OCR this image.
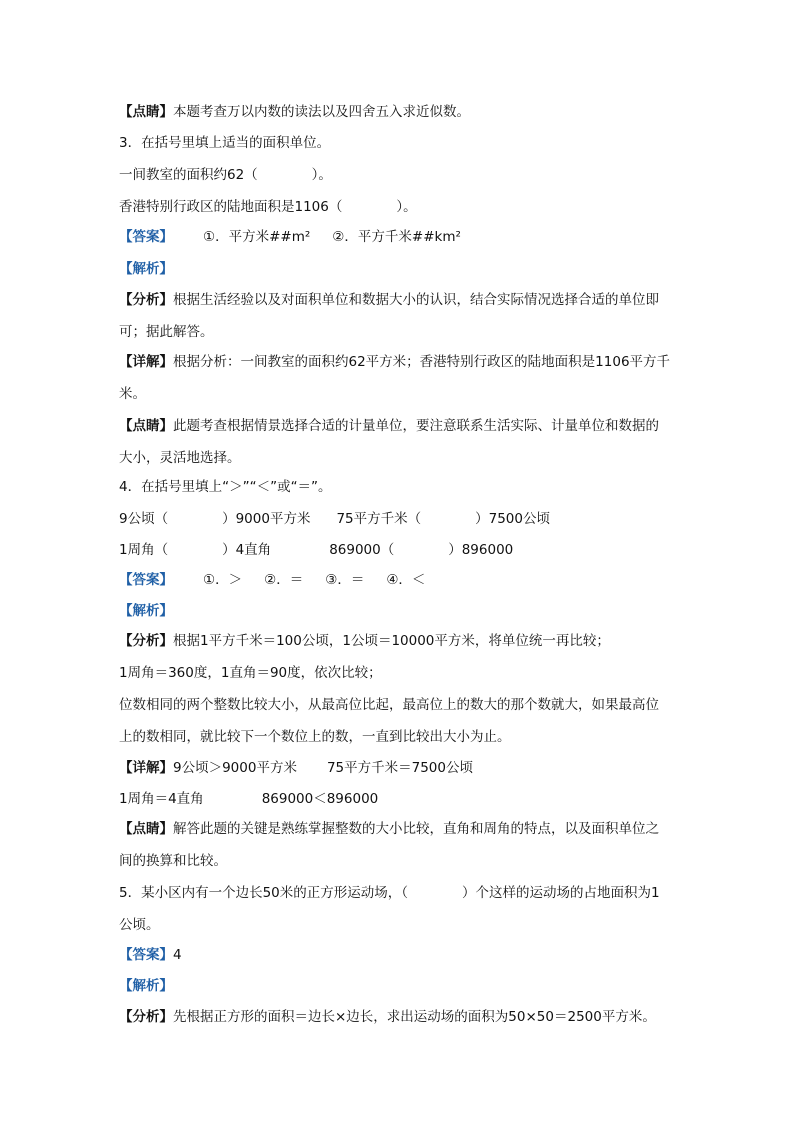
【点睛】本题考查万以内数的读法以及四舍五入求近似数。

3．在括号里填上适当的面积单位。

一间教室的面积约62（　　　　）。

香港特别行政区的陆地面积是1106（　　　　）。

【答案】 ①．平方米##m² ②．平方千米##km²

【解析】

【分析】根据生活经验以及对面积单位和数据大小的认识，结合实际情况选择合适的单位即可；据此解答。

【详解】根据分析：一间教室的面积约62平方米；香港特别行政区的陆地面积是1106平方千米。

【点睛】此题考查根据情景选择合适的计量单位，要注意联系生活实际、计量单位和数据的大小，灵活地选择。

4．在括号里填上“＞”“＜”或“＝”。

9公顷（　　　　）9000平方米 75平方千米（　　　　）7500公顷

1周角（　　　　）4直角	869000（　　　　）896000

【答案】 ①．＞ ②．＝ ③．＝ ④．＜

【解析】

【分析】根据1平方千米＝100公顷，1公顷＝10000平方米，将单位统一再比较；

1周角＝360度，1直角＝90度，依次比较；

位数相同的两个整数比较大小，从最高位比起，最高位上的数大的那个数就大，如果最高位上的数相同，就比较下一个数位上的数，一直到比较出大小为止。

【详解】9公顷＞9000平方米 75平方千米＝7500公顷

1周角＝4直角	869000＜896000

【点睛】解答此题的关键是熟练掌握整数的大小比较，直角和周角的特点，以及面积单位之间的换算和比较。

5．某小区内有一个边长50米的正方形运动场，（　　　　）个这样的运动场的占地面积为1公顷。

【答案】4

【解析】

【分析】先根据正方形的面积＝边长×边长，求出运动场的面积为50×50＝2500平方米。
